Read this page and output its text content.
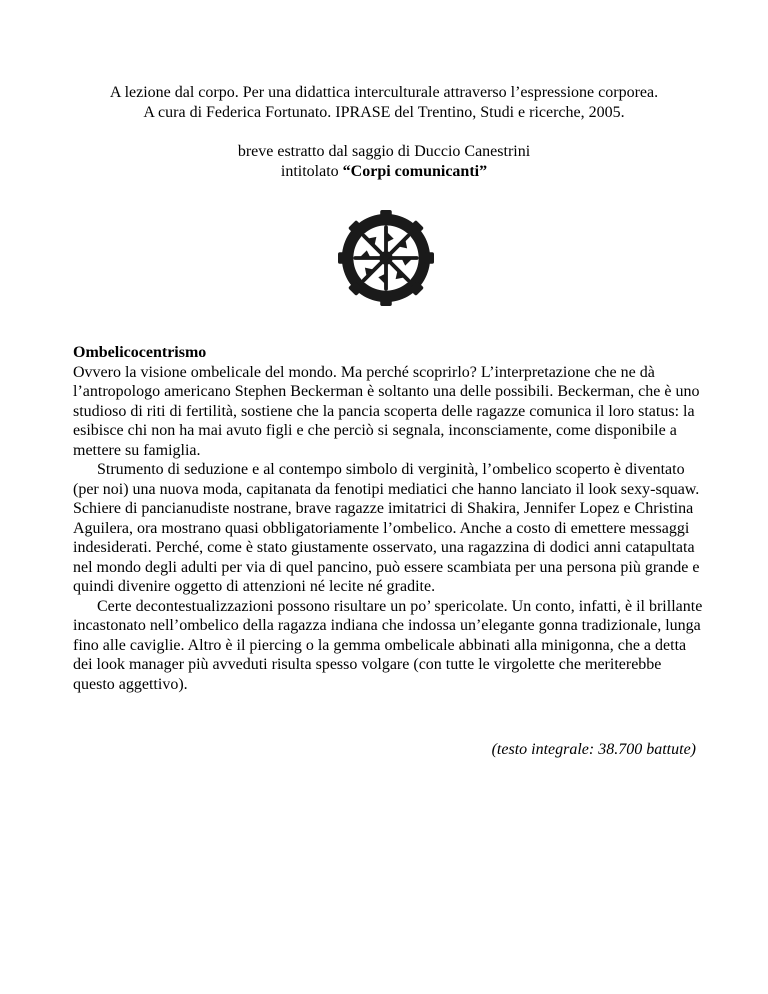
A lezione dal corpo. Per una didattica interculturale attraverso l’espressione corporea.
A cura di Federica Fortunato. IPRASE del Trentino, Studi e ricerche, 2005.
breve estratto dal saggio di Duccio Canestrini
intitolato “Corpi comunicanti”
Ombelicocentrismo

Ovvero la visione ombelicale del mondo. Ma perché scoprirlo? L’interpretazione che ne dà l’antropologo americano Stephen Beckerman è soltanto una delle possibili. Beckerman, che è uno studioso di riti di fertilità, sostiene che la pancia scoperta delle ragazze comunica il loro status: la esibisce chi non ha mai avuto figli e che perciò si segnala, inconsciamente, come disponibile a mettere su famiglia.

Strumento di seduzione e al contempo simbolo di verginità, l’ombelico scoperto è diventato (per noi) una nuova moda, capitanata da fenotipi mediatici che hanno lanciato il look sexy-squaw. Schiere di pancianudiste nostrane, brave ragazze imitatrici di Shakira, Jennifer Lopez e Christina Aguilera, ora mostrano quasi obbligatoriamente l’ombelico. Anche a costo di emettere messaggi indesiderati. Perché, come è stato giustamente osservato, una ragazzina di dodici anni catapultata nel mondo degli adulti per via di quel pancino, può essere scambiata per una persona più grande e quindi divenire oggetto di attenzioni né lecite né gradite.

Certe decontestualizzazioni possono risultare un po’ spericolate. Un conto, infatti, è il brillante incastonato nell’ombelico della ragazza indiana che indossa un’elegante gonna tradizionale, lunga fino alle caviglie. Altro è il piercing o la gemma ombelicale abbinati alla minigonna, che a detta dei look manager più avveduti risulta spesso volgare (con tutte le virgolette che meriterebbe questo aggettivo).

(testo integrale: 38.700 battute)
